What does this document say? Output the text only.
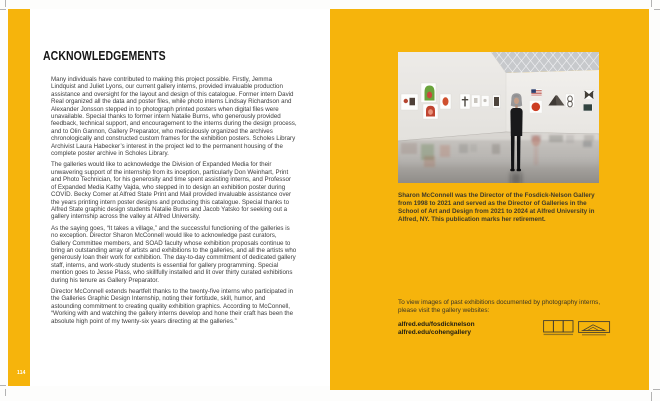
114
ACKNOWLEDGEMENTS

Many individuals have contributed to making this project possible. Firstly, Jemma Lindquist and Juliet Lyons, our current gallery interns, provided invaluable production assistance and oversight for the layout and design of this catalogue. Former intern David Real organized all the data and poster files, while photo interns Lindsay Richardson and Alexander Jonsson stepped in to photograph printed posters when digital files were unavailable. Special thanks to former intern Natalie Burns, who generously provided feedback, technical support, and encouragement to the interns during the design process, and to Olin Gannon, Gallery Preparator, who meticulously organized the archives chronologically and constructed custom frames for the exhibition posters. Scholes Library Archivist Laura Habecker’s interest in the project led to the permanent housing of the complete poster archive in Scholes Library.

The galleries would like to acknowledge the Division of Expanded Media for their unwavering support of the internship from its inception, particularly Don Weinhart, Print and Photo Technician, for his generosity and time spent assisting interns, and Professor of Expanded Media Kathy Vajda, who stepped in to design an exhibition poster during COVID. Becky Comer at Alfred State Print and Mail provided invaluable assistance over the years printing intern poster designs and producing this catalogue. Special thanks to Alfred State graphic design students Natalie Burns and Jacob Yatsko for seeking out a gallery internship across the valley at Alfred University.

As the saying goes, “It takes a village,” and the successful functioning of the galleries is no exception. Director Sharon McConnell would like to acknowledge past curators, Gallery Committee members, and SOAD faculty whose exhibition proposals continue to bring an outstanding array of artists and exhibitions to the galleries, and all the artists who generously loan their work for exhibition. The day-to-day commitment of dedicated gallery staff, interns, and work-study students is essential for gallery programming. Special mention goes to Jesse Plass, who skillfully installed and lit over thirty curated exhibitions during his tenure as Gallery Preparator.

Director McConnell extends heartfelt thanks to the twenty-five interns who participated in the Galleries Graphic Design Internship, noting their fortitude, skill, humor, and astounding commitment to creating quality exhibition graphics. According to McConnell, “Working with and watching the gallery interns develop and hone their craft has been the absolute high point of my twenty-six years directing at the galleries.”

Sharon McConnell was the Director of the Fosdick-Nelson Gallery from 1998 to 2021 and served as the Director of Galleries in the School of Art and Design from 2021 to 2024 at Alfred University in Alfred, NY. This publication marks her retirement.

To view images of past exhibitions documented by photography interns, please visit the gallery websites:

alfred.edu/fosdicknelson
alfred.edu/cohengallery
